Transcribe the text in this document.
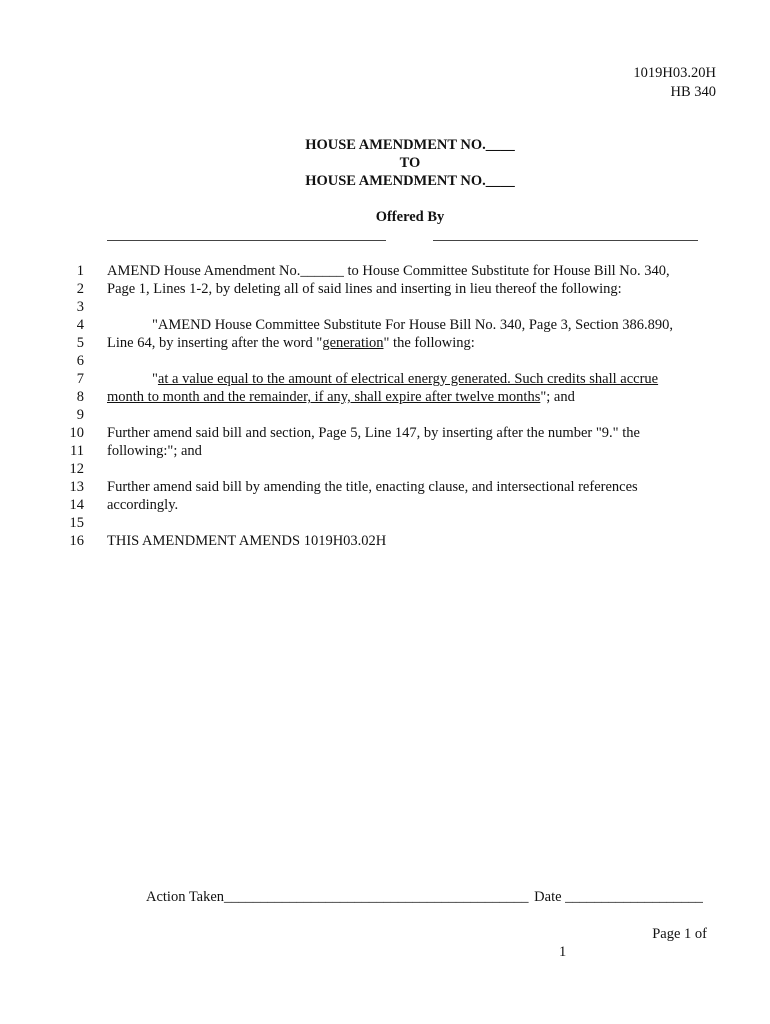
1019H03.20H
HB 340
HOUSE AMENDMENT NO.____
TO
HOUSE AMENDMENT NO.____
Offered By
1 AMEND House Amendment No.______ to House Committee Substitute for House Bill No. 340,
2 Page 1, Lines 1-2, by deleting all of said lines and inserting in lieu thereof the following:
3
4	"AMEND House Committee Substitute For House Bill No. 340, Page 3, Section 386.890,
5 Line 64, by inserting after the word "generation" the following:
6
7	"at a value equal to the amount of electrical energy generated. Such credits shall accrue
8 month to month and the remainder, if any, shall expire after twelve months"; and
9
10 Further amend said bill and section, Page 5, Line 147, by inserting after the number "9." the
11 following:"; and
12
13 Further amend said bill by amending the title, enacting clause, and intersectional references
14 accordingly.
15
16 THIS AMENDMENT AMENDS 1019H03.02H
Action Taken__________________________________________ Date ___________________
Page 1 of
1
